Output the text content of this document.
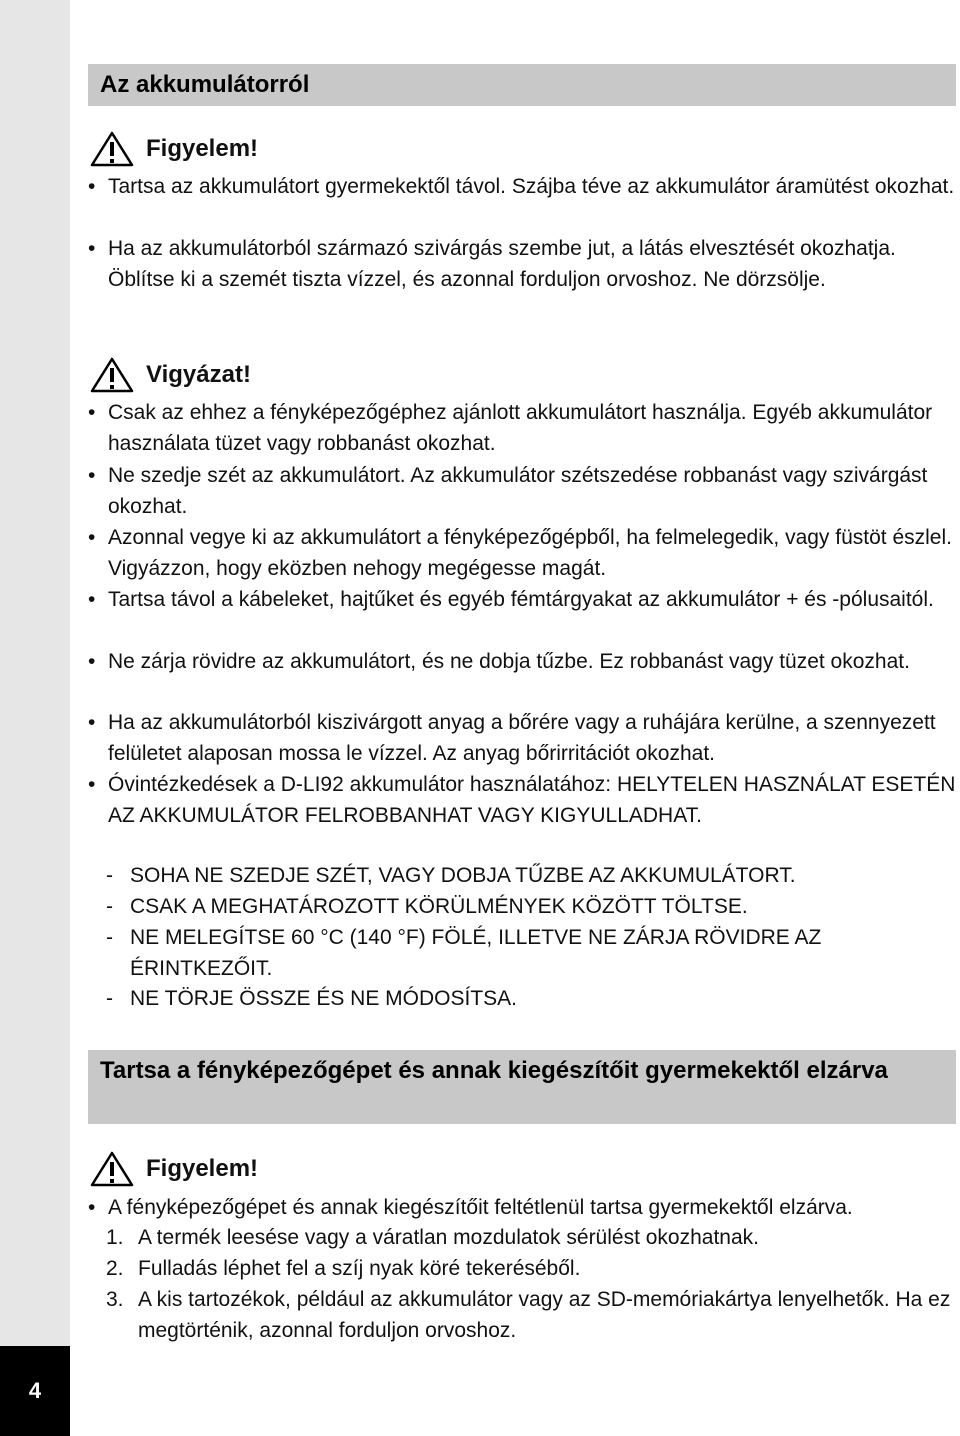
4
Az akkumulátorról
Figyelem!
• Tartsa az akkumulátort gyermekektől távol. Szájba téve az akkumulátor áramütést okozhat.
• Ha az akkumulátorból származó szivárgás szembe jut, a látás elvesztését okozhatja. Öblítse ki a szemét tiszta vízzel, és azonnal forduljon orvoshoz. Ne dörzsölje.
Vigyázat!
• Csak az ehhez a fényképezőgéphez ajánlott akkumulátort használja. Egyéb akkumulátor használata tüzet vagy robbanást okozhat.
• Ne szedje szét az akkumulátort. Az akkumulátor szétszedése robbanást vagy szivárgást okozhat.
• Azonnal vegye ki az akkumulátort a fényképezőgépből, ha felmelegedik, vagy füstöt észlel. Vigyázzon, hogy eközben nehogy megégesse magát.
• Tartsa távol a kábeleket, hajtűket és egyéb fémtárgyakat az akkumulátor + és -pólusaitól.
• Ne zárja rövidre az akkumulátort, és ne dobja tűzbe. Ez robbanást vagy tüzet okozhat.
• Ha az akkumulátorból kiszivárgott anyag a bőrére vagy a ruhájára kerülne, a szennyezett felületet alaposan mossa le vízzel. Az anyag bőrirritációt okozhat.
• Óvintézkedések a D-LI92 akkumulátor használatához: HELYTELEN HASZNÁLAT ESETÉN AZ AKKUMULÁTOR FELROBBANHAT VAGY KIGYULLADHAT.
- SOHA NE SZEDJE SZÉT, VAGY DOBJA TŰZBE AZ AKKUMULÁTORT.
- CSAK A MEGHATÁROZOTT KÖRÜLMÉNYEK KÖZÖTT TÖLTSE.
- NE MELEGÍTSE 60 °C (140 °F) FÖLÉ, ILLETVE NE ZÁRJA RÖVIDRE AZ ÉRINTKEZŐIT.
- NE TÖRJE ÖSSZE ÉS NE MÓDOSÍTSA.
Tartsa a fényképezőgépet és annak kiegészítőit gyermekektől elzárva
Figyelem!
• A fényképezőgépet és annak kiegészítőit feltétlenül tartsa gyermekektől elzárva.
1. A termék leesése vagy a váratlan mozdulatok sérülést okozhatnak.
2. Fulladás léphet fel a szíj nyak köré tekeréséből.
3. A kis tartozékok, például az akkumulátor vagy az SD-memóriakártya lenyelhetők. Ha ez megtörténik, azonnal forduljon orvoshoz.
